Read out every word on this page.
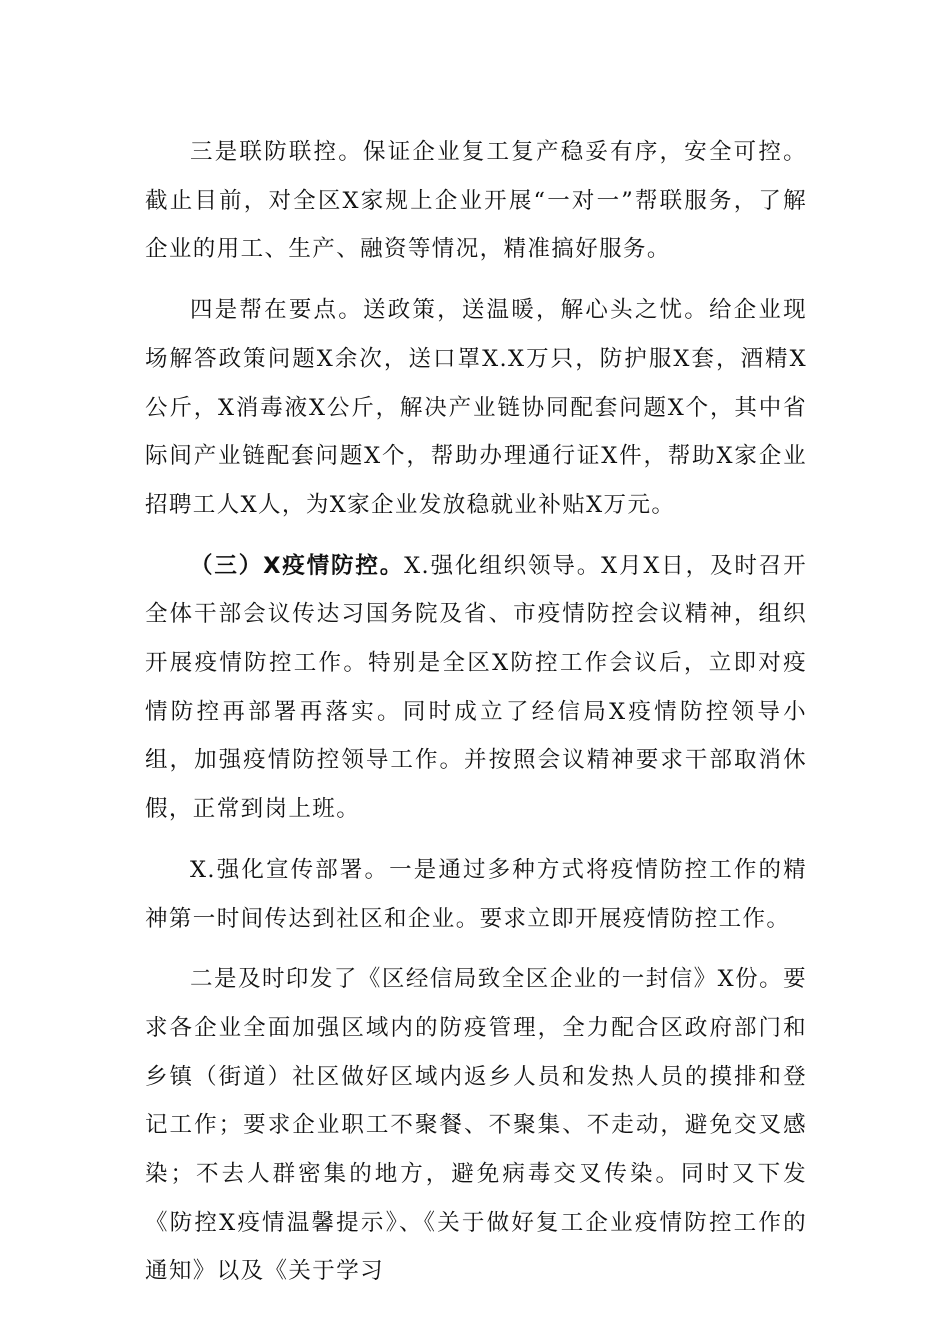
三是联防联控。保证企业复工复产稳妥有序，安全可控。截止目前，对全区X家规上企业开展“一对一”帮联服务，了解企业的用工、生产、融资等情况，精准搞好服务。

四是帮在要点。送政策，送温暖，解心头之忧。给企业现场解答政策问题X余次，送口罩X.X万只，防护服X套，酒精X公斤，X消毒液X公斤，解决产业链协同配套问题X个，其中省际间产业链配套问题X个，帮助办理通行证X件，帮助X家企业招聘工人X人，为X家企业发放稳就业补贴X万元。

（三）X疫情防控。X.强化组织领导。X月X日，及时召开全体干部会议传达习国务院及省、市疫情防控会议精神，组织开展疫情防控工作。特别是全区X防控工作会议后，立即对疫情防控再部署再落实。同时成立了经信局X疫情防控领导小组，加强疫情防控领导工作。并按照会议精神要求干部取消休假，正常到岗上班。

X.强化宣传部署。一是通过多种方式将疫情防控工作的精神第一时间传达到社区和企业。要求立即开展疫情防控工作。

二是及时印发了《区经信局致全区企业的一封信》X份。要求各企业全面加强区域内的防疫管理，全力配合区政府部门和乡镇（街道）社区做好区域内返乡人员和发热人员的摸排和登记工作；要求企业职工不聚餐、不聚集、不走动，避免交叉感染；不去人群密集的地方，避免病毒交叉传染。同时又下发《防控X疫情温馨提示》、《关于做好复工企业疫情防控工作的通知》以及《关于学习
